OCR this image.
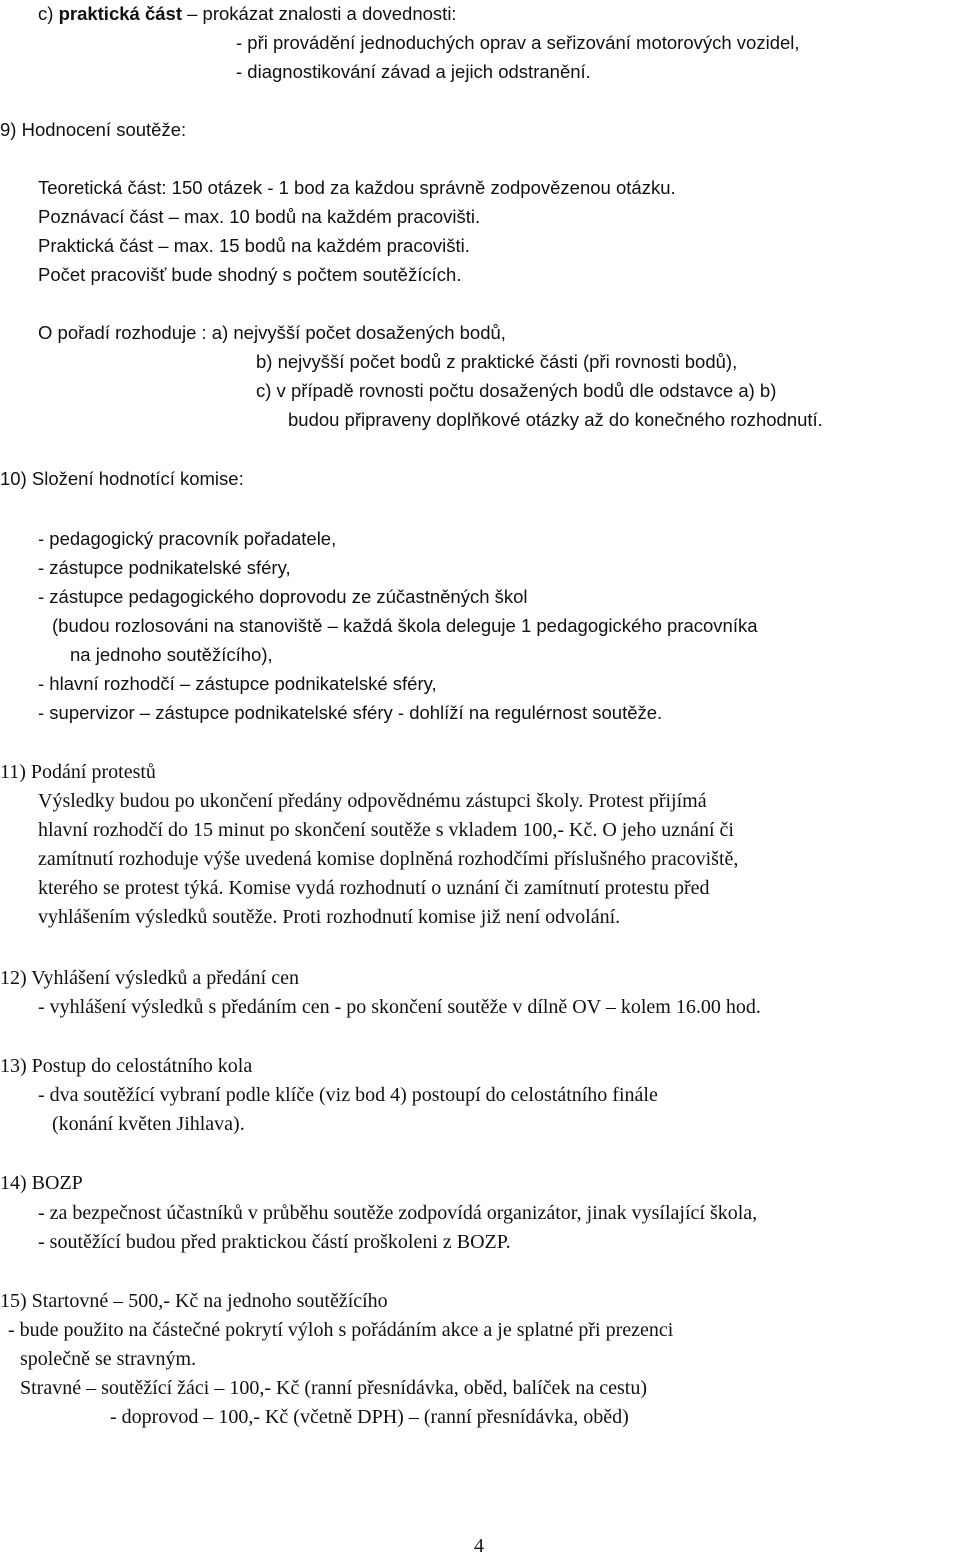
c) praktická část – prokázat znalosti a dovednosti:
- při provádění jednoduchých oprav a seřizování motorových vozidel,
- diagnostikování závad a jejich odstranění.
9) Hodnocení soutěže:
Teoretická část: 150 otázek - 1 bod za každou správně zodpovězenou otázku.
Poznávací část – max. 10 bodů na každém pracovišti.
Praktická část – max. 15 bodů na každém pracovišti.
Počet pracovišť bude shodný s počtem soutěžících.
O pořadí rozhoduje : a) nejvyšší počet dosažených bodů,
b) nejvyšší počet bodů z praktické části (při rovnosti bodů),
c) v případě rovnosti počtu dosažených bodů dle odstavce a) b)
budou připraveny doplňkové otázky až do konečného rozhodnutí.
10) Složení hodnotící komise:
- pedagogický pracovník pořadatele,
- zástupce podnikatelské sféry,
- zástupce pedagogického doprovodu ze zúčastněných škol
(budou rozlosováni na stanoviště – každá škola deleguje 1 pedagogického pracovníka
na jednoho soutěžícího),
- hlavní rozhodčí – zástupce podnikatelské sféry,
- supervizor – zástupce podnikatelské sféry - dohlíží na regulérnost soutěže.
11) Podání protestů
Výsledky budou po ukončení předány odpovědnému zástupci školy. Protest přijímá
hlavní rozhodčí do 15 minut po skončení soutěže s vkladem 100,- Kč. O jeho uznání či
zamítnutí rozhoduje výše uvedená komise doplněná rozhodčími příslušného pracoviště,
kterého se protest týká. Komise vydá rozhodnutí o uznání či zamítnutí protestu před
vyhlášením výsledků soutěže. Proti rozhodnutí komise již není odvolání.
12) Vyhlášení výsledků a předání cen
- vyhlášení výsledků s předáním cen - po skončení soutěže v dílně OV – kolem 16.00 hod.
13) Postup do celostátního kola
- dva soutěžící vybraní podle klíče (viz bod 4) postoupí do celostátního finále
(konání květen Jihlava).
14) BOZP
- za bezpečnost účastníků v průběhu soutěže zodpovídá organizátor, jinak vysílající škola,
- soutěžící budou před praktickou částí proškoleni z BOZP.
15) Startovné – 500,- Kč na jednoho soutěžícího
- bude použito na částečné pokrytí výloh s pořádáním akce a je splatné při prezenci
společně se stravným.
Stravné – soutěžící žáci – 100,- Kč (ranní přesnídávka, oběd, balíček na cestu)
- doprovod – 100,- Kč (včetně DPH) – (ranní přesnídávka, oběd)
4
